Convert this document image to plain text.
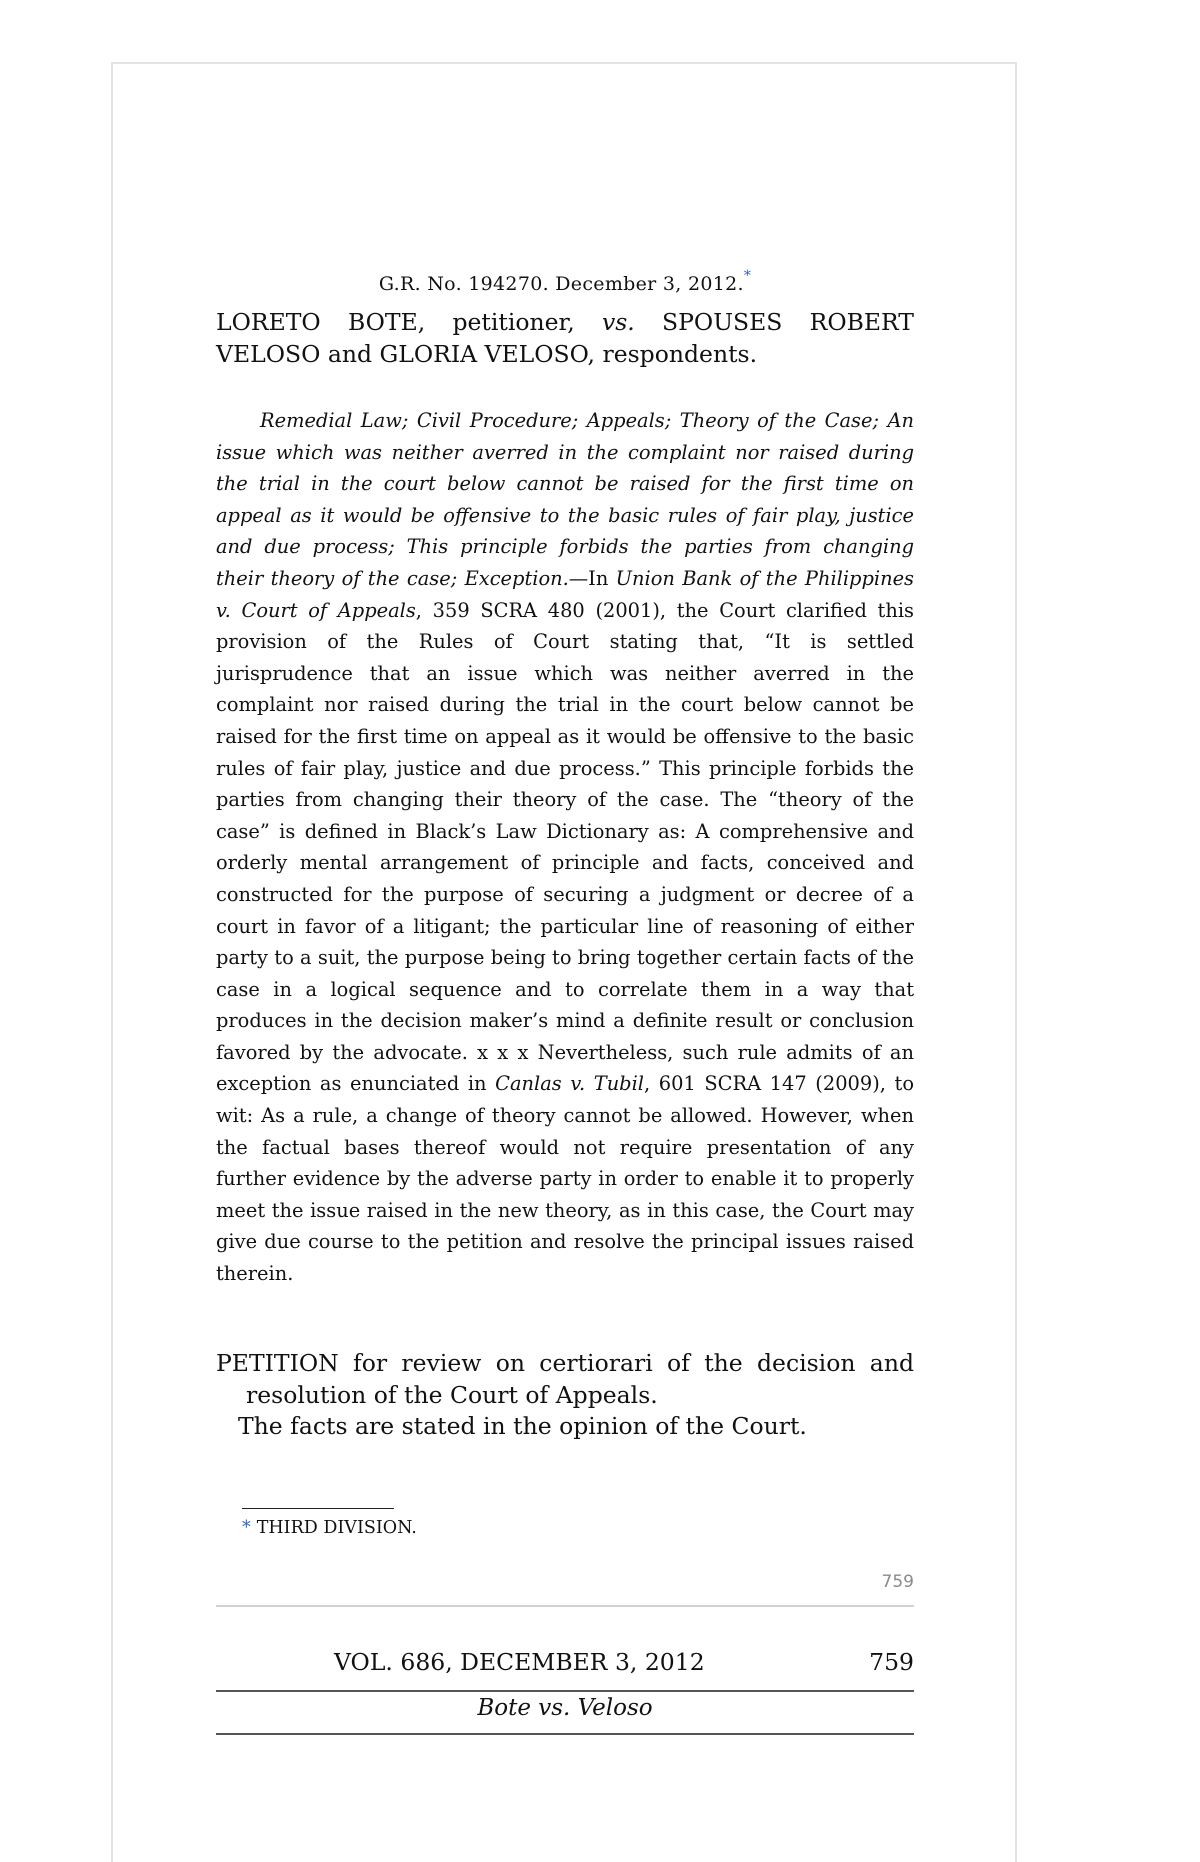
G.R. No. 194270. December 3, 2012.*
LORETO BOTE, petitioner, vs. SPOUSES ROBERT
VELOSO and GLORIA VELOSO, respondents.
Remedial Law; Civil Procedure; Appeals; Theory of the Case; An issue which was neither averred in the complaint nor raised during the trial in the court below cannot be raised for the first time on appeal as it would be offensive to the basic rules of fair play, justice and due process; This principle forbids the parties from changing their theory of the case; Exception.—In Union Bank of the Philippines v. Court of Appeals, 359 SCRA 480 (2001), the Court clarified this provision of the Rules of Court stating that, “It is settled jurisprudence that an issue which was neither averred in the complaint nor raised during the trial in the court below cannot be raised for the first time on appeal as it would be offensive to the basic rules of fair play, justice and due process.” This principle forbids the parties from changing their theory of the case. The “theory of the case” is defined in Black’s Law Dictionary as: A comprehensive and orderly mental arrangement of principle and facts, conceived and constructed for the purpose of securing a judgment or decree of a court in favor of a litigant; the particular line of reasoning of either party to a suit, the purpose being to bring together certain facts of the case in a logical sequence and to correlate them in a way that produces in the decision maker’s mind a definite result or conclusion favored by the advocate. x x x Nevertheless, such rule admits of an exception as enunciated in Canlas v. Tubil, 601 SCRA 147 (2009), to wit: As a rule, a change of theory cannot be allowed. However, when the factual bases thereof would not require presentation of any further evidence by the adverse party in order to enable it to properly meet the issue raised in the new theory, as in this case, the Court may give due course to the petition and resolve the principal issues raised therein.
PETITION for review on certiorari of the decision and resolution of the Court of Appeals.
The facts are stated in the opinion of the Court.
* THIRD DIVISION.
759
VOL. 686, DECEMBER 3, 2012	759
Bote vs. Veloso
